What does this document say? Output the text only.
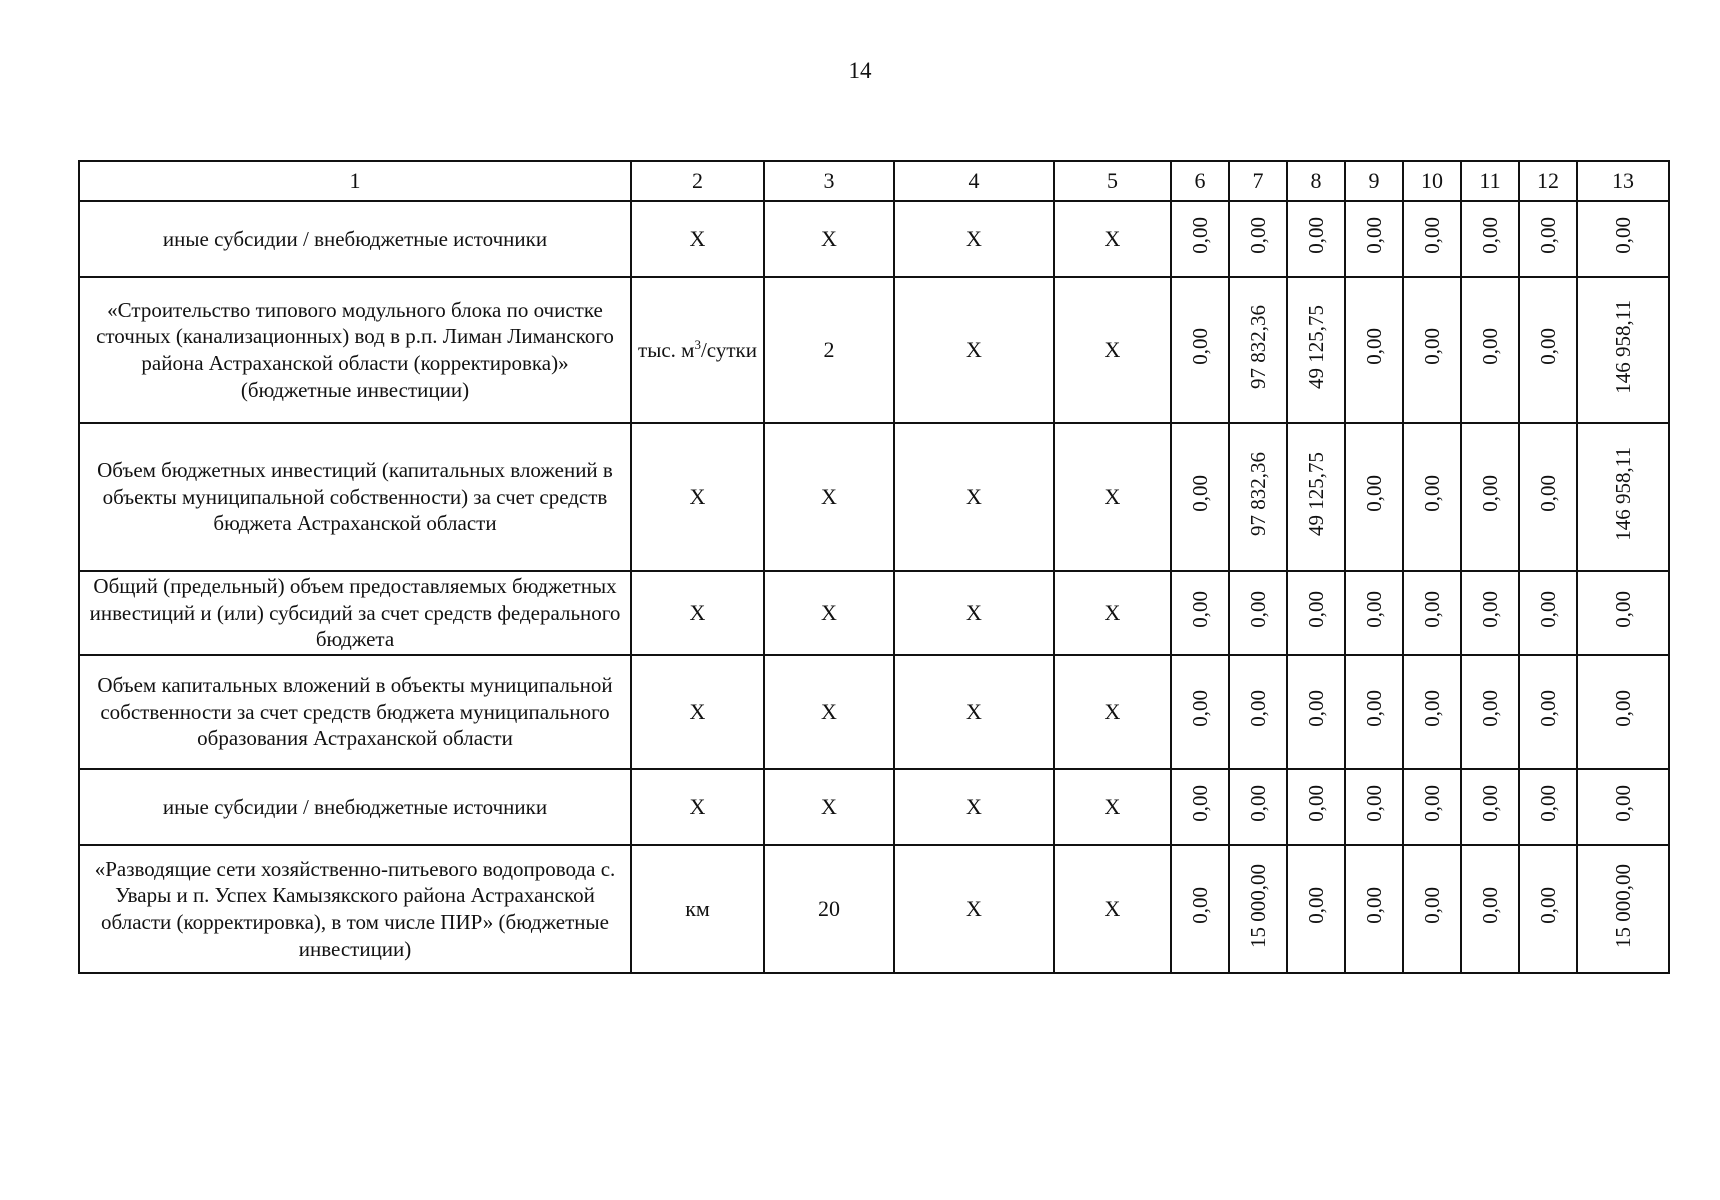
14
1	2	3	4	5	6	7	8	9	10	11	12	13
иные субсидии / внебюджетные источники	X	X	X	X	0,00	0,00	0,00	0,00	0,00	0,00	0,00	0,00
«Строительство типового модульного блока по очистке сточных (канализационных) вод в р.п. Лиман Лиманского района Астраханской области (корректировка)» (бюджетные инвестиции)	тыс. $м^3$/сутки	2	X	X	0,00	97 832,36	49 125,75	0,00	0,00	0,00	0,00	146 958,11
Объем бюджетных инвестиций (капитальных вложений в объекты муниципальной собственности) за счет средств бюджета Астраханской области	X	X	X	X	0,00	97 832,36	49 125,75	0,00	0,00	0,00	0,00	146 958,11
Общий (предельный) объем предоставляемых бюджетных инвестиций и (или) субсидий за счет средств федерального бюджета	X	X	X	X	0,00	0,00	0,00	0,00	0,00	0,00	0,00	0,00
Объем капитальных вложений в объекты муниципальной собственности за счет средств бюджета муниципального образования Астраханской области	X	X	X	X	0,00	0,00	0,00	0,00	0,00	0,00	0,00	0,00
иные субсидии / внебюджетные источники	X	X	X	X	0,00	0,00	0,00	0,00	0,00	0,00	0,00	0,00
«Разводящие сети хозяйственно-питьевого водопровода с. Увары и п. Успех Камызякского района Астраханской области (корректировка), в том числе ПИР» (бюджетные инвестиции)	км	20	X	X	0,00	15 000,00	0,00	0,00	0,00	0,00	0,00	15 000,00
